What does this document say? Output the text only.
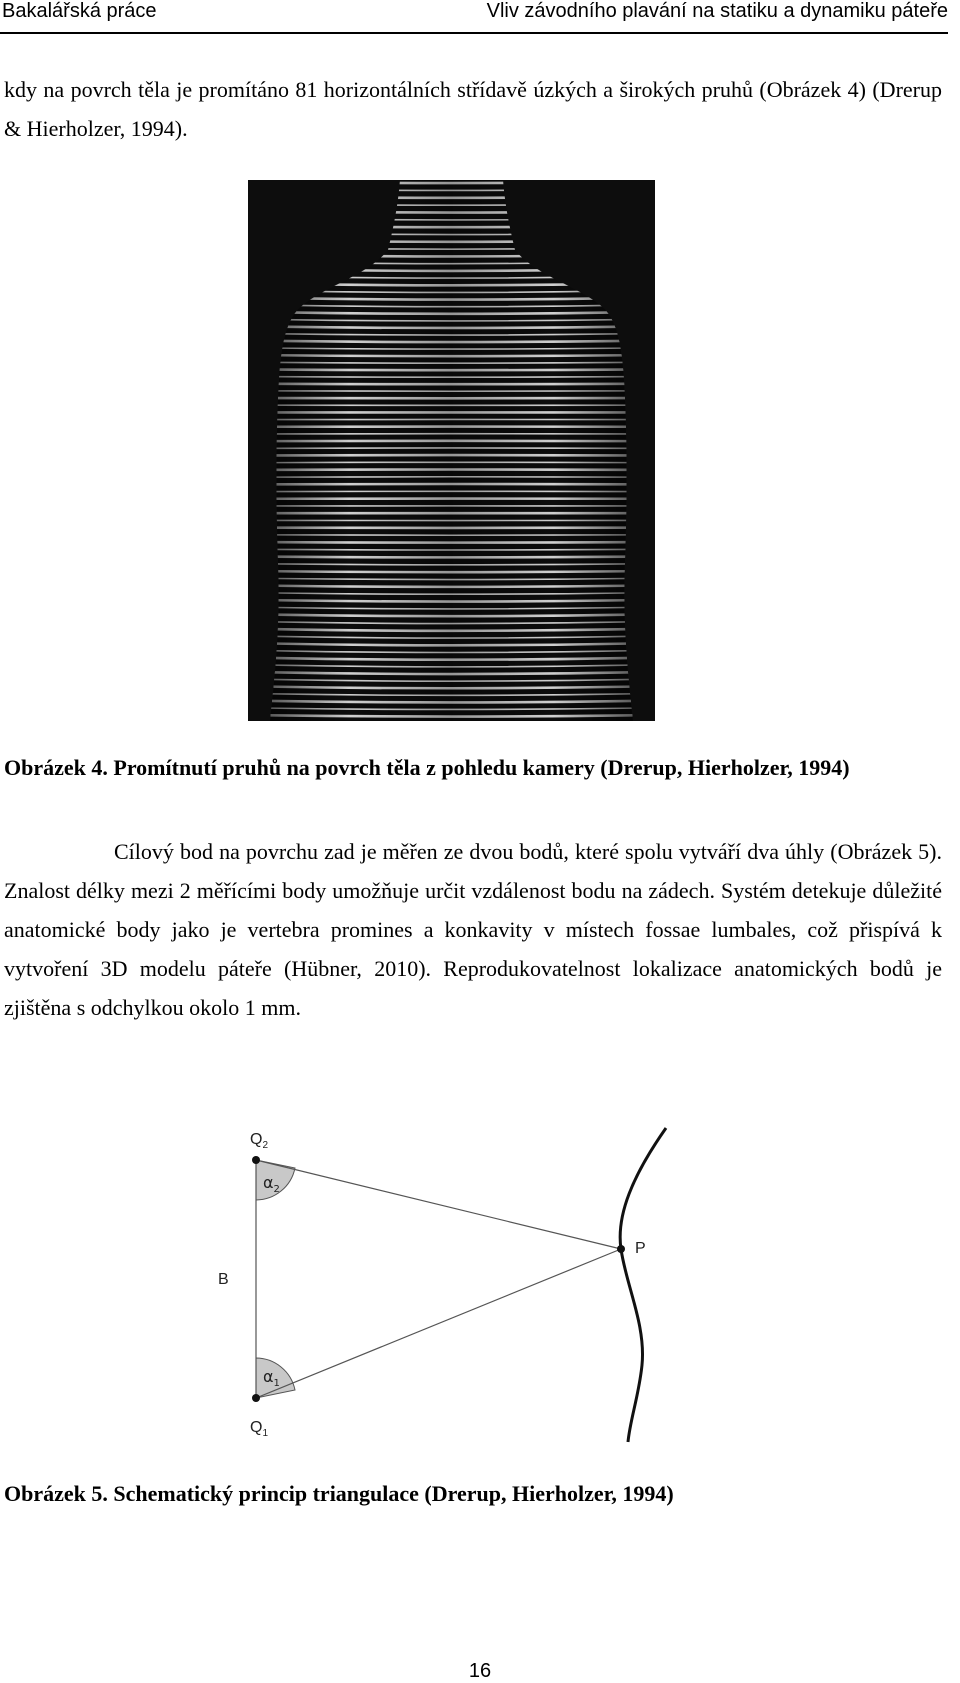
Bakalářská práce	Vliv závodního plavání na statiku a dynamiku páteře

kdy na povrch těla je promítáno 81 horizontálních střídavě úzkých a širokých pruhů (Obrázek 4) (Drerup & Hierholzer, 1994).

Obrázek 4. Promítnutí pruhů na povrch těla z pohledu kamery (Drerup, Hierholzer, 1994)

Cílový bod na povrchu zad je měřen ze dvou bodů, které spolu vytváří dva úhly (Obrázek 5). Znalost délky mezi 2 měřícími body umožňuje určit vzdálenost bodu na zádech. Systém detekuje důležité anatomické body jako je vertebra promines a konkavity v místech fossae lumbales, což přispívá k vytvoření 3D modelu páteře (Hübner, 2010). Reprodukovatelnost lokalizace anatomických bodů je zjištěna s odchylkou okolo 1 mm.

$Q_2$
$Q_1$
B
P
$\alpha_2$
$\alpha_1$

Obrázek 5. Schematický princip triangulace (Drerup, Hierholzer, 1994)

16
